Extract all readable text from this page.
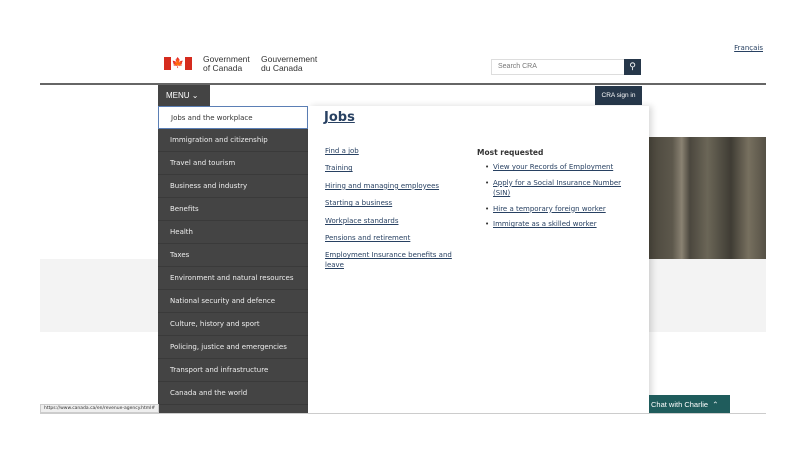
Français
🍁 Government
of Canada
Gouvernement
du Canada	Search CRA	⚲
MENU ⌄	CRA sign in
Jobs and the workplace
Immigration and citizenship
Travel and tourism
Business and industry
Benefits
Health
Taxes
Environment and natural resources
National security and defence
Culture, history and sport
Policing, justice and emergencies
Transport and infrastructure
Canada and the world
Jobs
Find a job
Training
Hiring and managing employees
Starting a business
Workplace standards
Pensions and retirement
Employment Insurance benefits and leave
Most requested
• View your Records of Employment
• Apply for a Social Insurance Number (SIN)
• Hire a temporary foreign worker
• Immigrate as a skilled worker
https://www.canada.ca/en/revenue-agency.html#	Chat with Charlie ⌃
